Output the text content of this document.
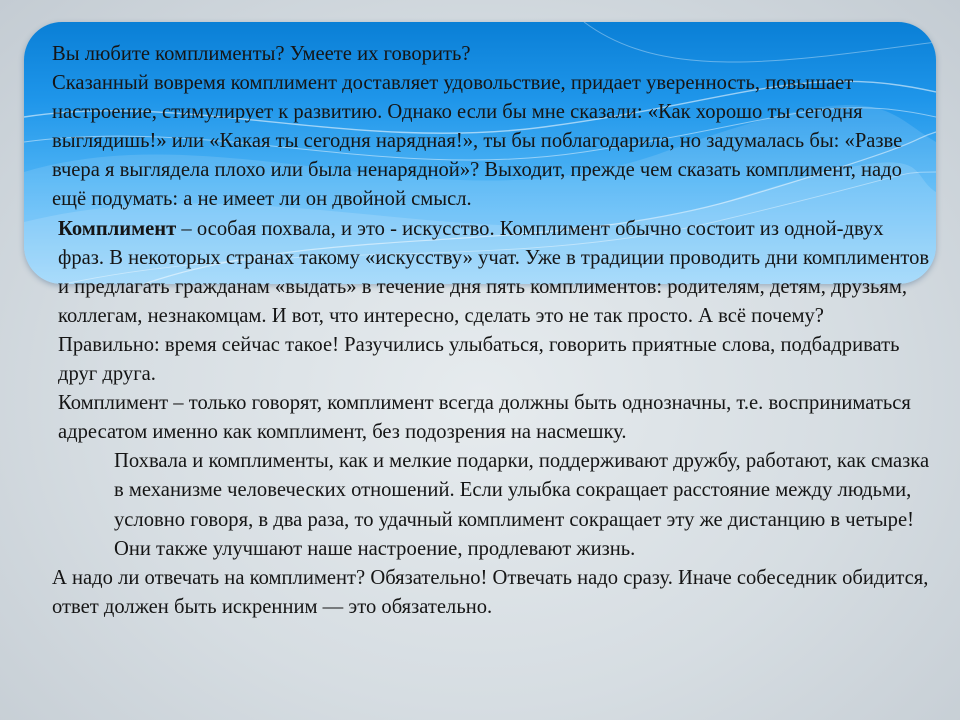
Вы любите комплименты? Умеете их говорить?

Сказанный вовремя комплимент доставляет удовольствие, придает уверенность, повышает настроение, стимулирует к развитию. Однако если бы мне сказали: «Как хорошо ты сегодня выглядишь!» или «Какая ты сегодня нарядная!», ты бы поблагодарила, но задумалась бы: «Разве вчера я выглядела плохо или была ненарядной»? Выходит, прежде чем сказать комплимент, надо ещё подумать: а не имеет ли он двойной смысл.

Комплимент – особая похвала, и это - искусство. Комплимент обычно состоит из одной-двух фраз. В некоторых странах такому «искусству» учат. Уже в традиции проводить дни комплиментов и предлагать гражданам «выдать» в течение дня пять комплиментов: родителям, детям, друзьям, коллегам, незнакомцам. И вот, что интересно, сделать это не так просто. А всё почему?

Правильно: время сейчас такое! Разучились улыбаться, говорить приятные слова, подбадривать друг друга.

Комплимент – только говорят, комплимент всегда должны быть однозначны, т.е. восприниматься адресатом именно как комплимент, без подозрения на насмешку.

Похвала и комплименты, как и мелкие подарки, поддерживают дружбу, работают, как смазка в механизме человеческих отношений. Если улыбка сокращает расстояние между людьми, условно говоря, в два раза, то удачный комплимент сокращает эту же дистанцию в четыре! Они также улучшают наше настроение, продлевают жизнь.

А надо ли отвечать на комплимент? Обязательно! Отвечать надо сразу. Иначе собеседник обидится, ответ должен быть искренним — это обязательно.
